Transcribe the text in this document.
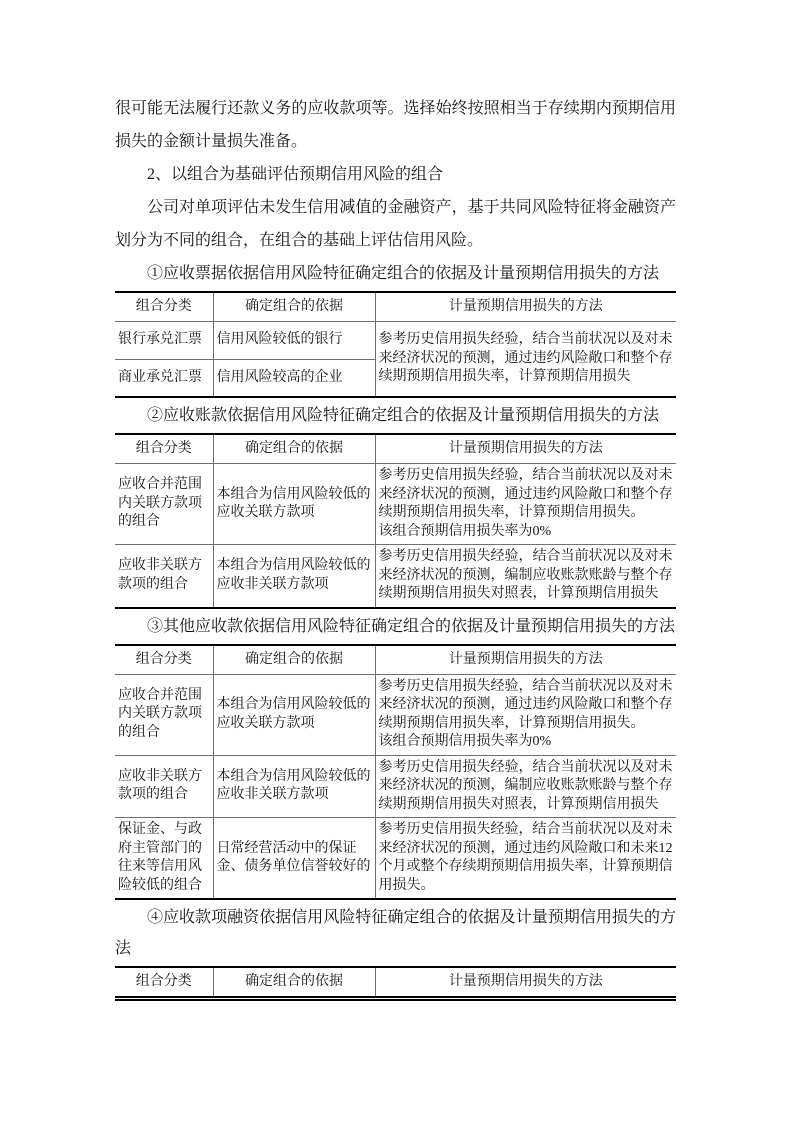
很可能无法履行还款义务的应收款项等。选择始终按照相当于存续期内预期信用损失的金额计量损失准备。

2、以组合为基础评估预期信用风险的组合

公司对单项评估未发生信用减值的金融资产，基于共同风险特征将金融资产划分为不同的组合，在组合的基础上评估信用风险。

①应收票据依据信用风险特征确定组合的依据及计量预期信用损失的方法

组合分类	确定组合的依据	计量预期信用损失的方法
银行承兑汇票	信用风险较低的银行	参考历史信用损失经验，结合当前状况以及对未来经济状况的预测，通过违约风险敞口和整个存续期预期信用损失率，计算预期信用损失
商业承兑汇票	信用风险较高的企业	

②应收账款依据信用风险特征确定组合的依据及计量预期信用损失的方法

组合分类	确定组合的依据	计量预期信用损失的方法
应收合并范围内关联方款项的组合	本组合为信用风险较低的应收关联方款项	参考历史信用损失经验，结合当前状况以及对未来经济状况的预测，通过违约风险敞口和整个存续期预期信用损失率，计算预期信用损失。
该组合预期信用损失率为0%

应收非关联方款项的组合	本组合为信用风险较低的应收非关联方款项	参考历史信用损失经验，结合当前状况以及对未来经济状况的预测，编制应收账款账龄与整个存续期预期信用损失对照表，计算预期信用损失

③其他应收款依据信用风险特征确定组合的依据及计量预期信用损失的方法

组合分类	确定组合的依据	计量预期信用损失的方法
应收合并范围内关联方款项的组合	本组合为信用风险较低的应收关联方款项	参考历史信用损失经验，结合当前状况以及对未来经济状况的预测，通过违约风险敞口和整个存续期预期信用损失率，计算预期信用损失。
该组合预期信用损失率为0%

应收非关联方款项的组合	本组合为信用风险较低的应收非关联方款项	参考历史信用损失经验，结合当前状况以及对未来经济状况的预测，编制应收账款账龄与整个存续期预期信用损失对照表，计算预期信用损失
保证金、与政府主管部门的往来等信用风险较低的组合	日常经营活动中的保证金、债务单位信誉较好的	参考历史信用损失经验，结合当前状况以及对未来经济状况的预测，通过违约风险敞口和未来12个月或整个存续期预期信用损失率，计算预期信用损失。

④应收款项融资依据信用风险特征确定组合的依据及计量预期信用损失的方法

组合分类	确定组合的依据	计量预期信用损失的方法
